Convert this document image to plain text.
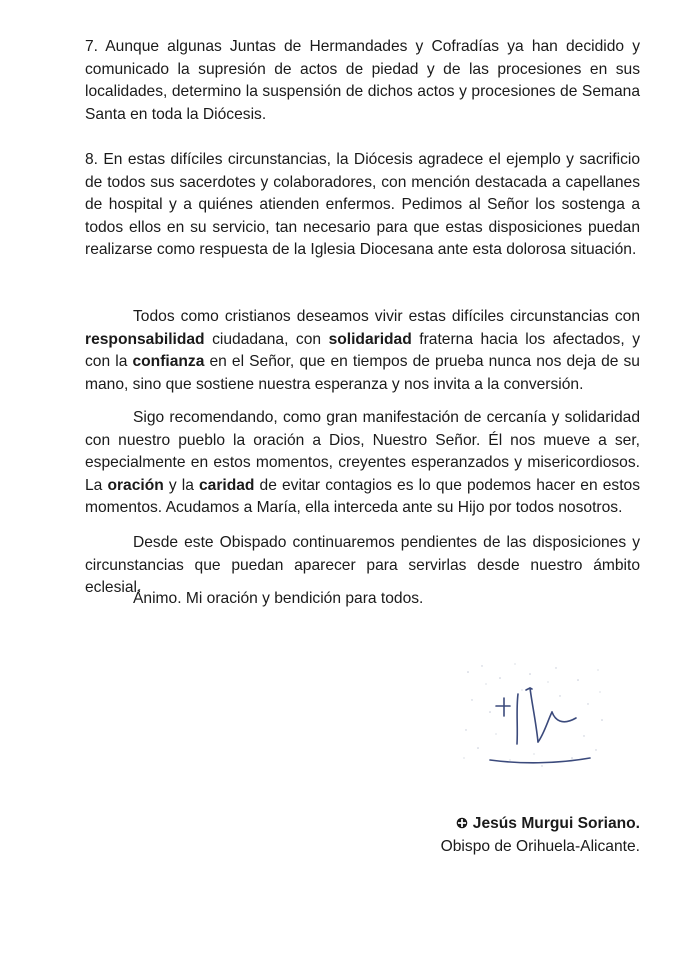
7. Aunque algunas Juntas de Hermandades y Cofradías ya han decidido y comunicado la supresión de actos de piedad y de las procesiones en sus localidades, determino la suspensión de dichos actos y procesiones de Semana Santa en toda la Diócesis.

8. En estas difíciles circunstancias, la Diócesis agradece el ejemplo y sacrificio de todos sus sacerdotes y colaboradores, con mención destacada a capellanes de hospital y a quiénes atienden enfermos. Pedimos al Señor los sostenga a todos ellos en su servicio, tan necesario para que estas disposiciones puedan realizarse como respuesta de la Iglesia Diocesana ante esta dolorosa situación.

Todos como cristianos deseamos vivir estas difíciles circunstancias con responsabilidad ciudadana, con solidaridad fraterna hacia los afectados, y con la confianza en el Señor, que en tiempos de prueba nunca nos deja de su mano, sino que sostiene nuestra esperanza y nos invita a la conversión.

Sigo recomendando, como gran manifestación de cercanía y solidaridad con nuestro pueblo la oración a Dios, Nuestro Señor. Él nos mueve a ser, especialmente en estos momentos, creyentes esperanzados y misericordiosos. La oración y la caridad de evitar contagios es lo que podemos hacer en estos momentos. Acudamos a María, ella interceda ante su Hijo por todos nosotros.

Desde este Obispado continuaremos pendientes de las disposiciones y circunstancias que puedan aparecer para servirlas desde nuestro ámbito eclesial.

Ánimo. Mi oración y bendición para todos.

Jesús Murgui Soriano.
Obispo de Orihuela-Alicante.
